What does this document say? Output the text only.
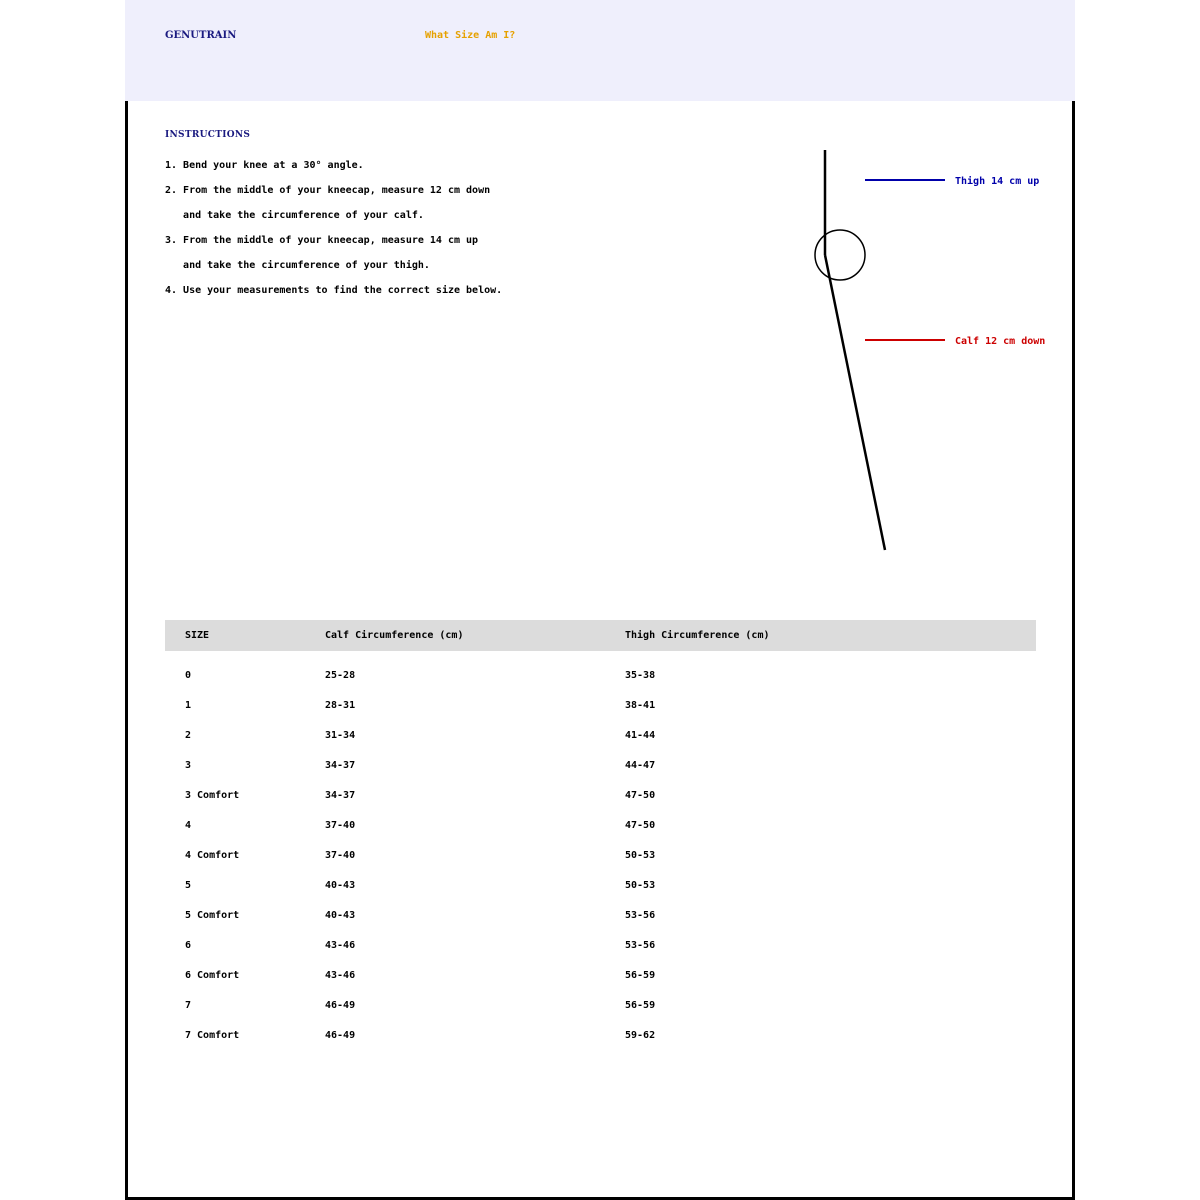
GENUTRAIN	What Size Am I?
INSTRUCTIONS
1. Bend your knee at a 30° angle.
2. From the middle of your kneecap, measure 12 cm down
and take the circumference of your calf.
3. From the middle of your kneecap, measure 14 cm up
and take the circumference of your thigh.
4. Use your measurements to find the correct size below.
Thigh 14 cm up
Calf 12 cm down
SIZE	Calf Circumference (cm)	Thigh Circumference (cm)
0	25-28	35-38
1	28-31	38-41
2	31-34	41-44
3	34-37	44-47
3 Comfort	34-37	47-50
4	37-40	47-50
4 Comfort	37-40	50-53
5	40-43	50-53
5 Comfort	40-43	53-56
6	43-46	53-56
6 Comfort	43-46	56-59
7	46-49	56-59
7 Comfort	46-49	59-62
